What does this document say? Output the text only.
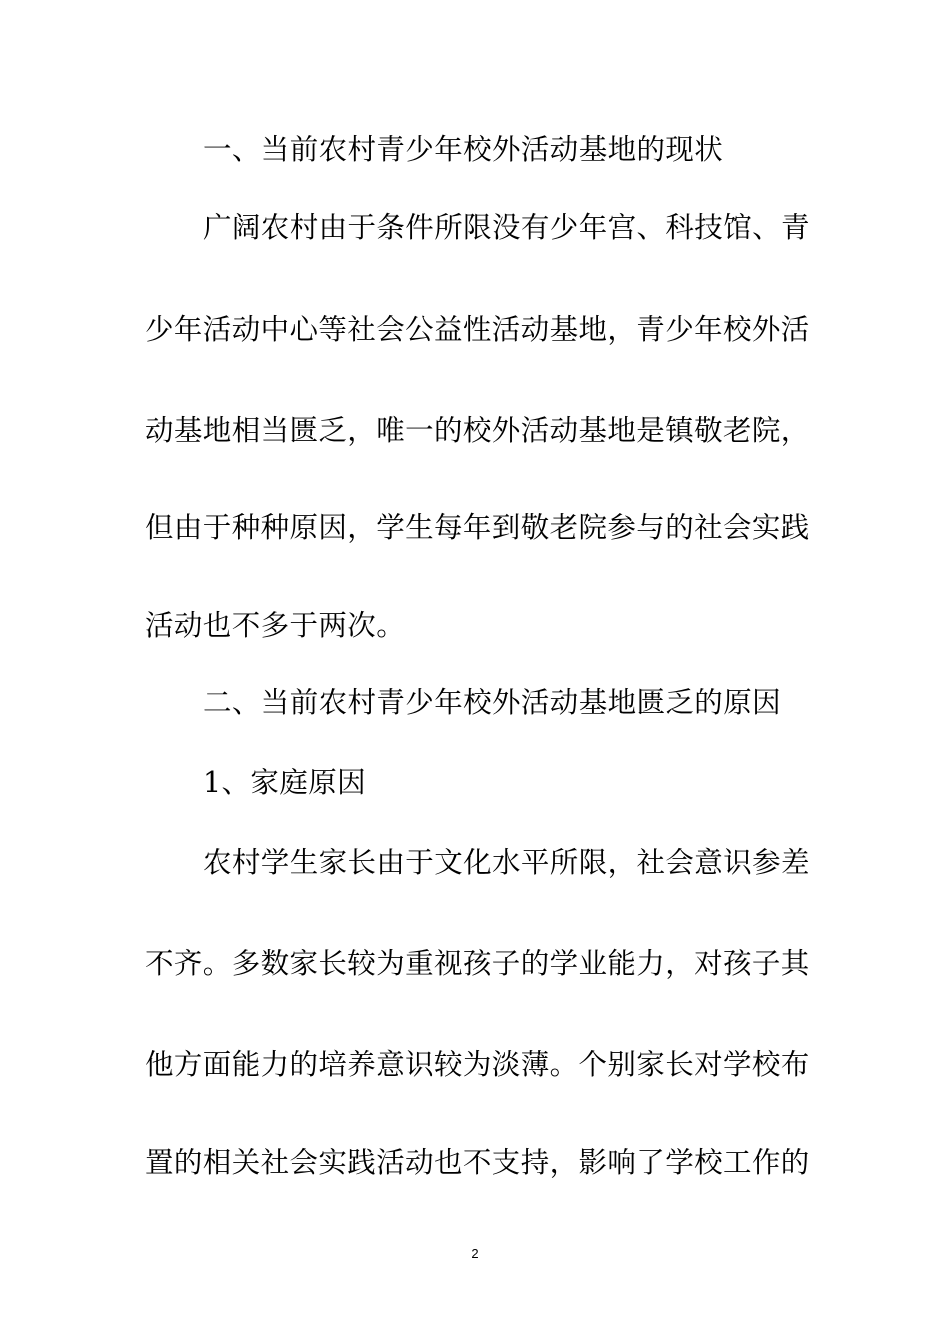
一、当前农村青少年校外活动基地的现状
广阔农村由于条件所限没有少年宫、科技馆、青
少年活动中心等社会公益性活动基地，青少年校外活
动基地相当匮乏，唯一的校外活动基地是镇敬老院，
但由于种种原因，学生每年到敬老院参与的社会实践
活动也不多于两次。
二、当前农村青少年校外活动基地匮乏的原因
1、家庭原因
农村学生家长由于文化水平所限，社会意识参差
不齐。多数家长较为重视孩子的学业能力，对孩子其
他方面能力的培养意识较为淡薄。个别家长对学校布
置的相关社会实践活动也不支持，影响了学校工作的
2
